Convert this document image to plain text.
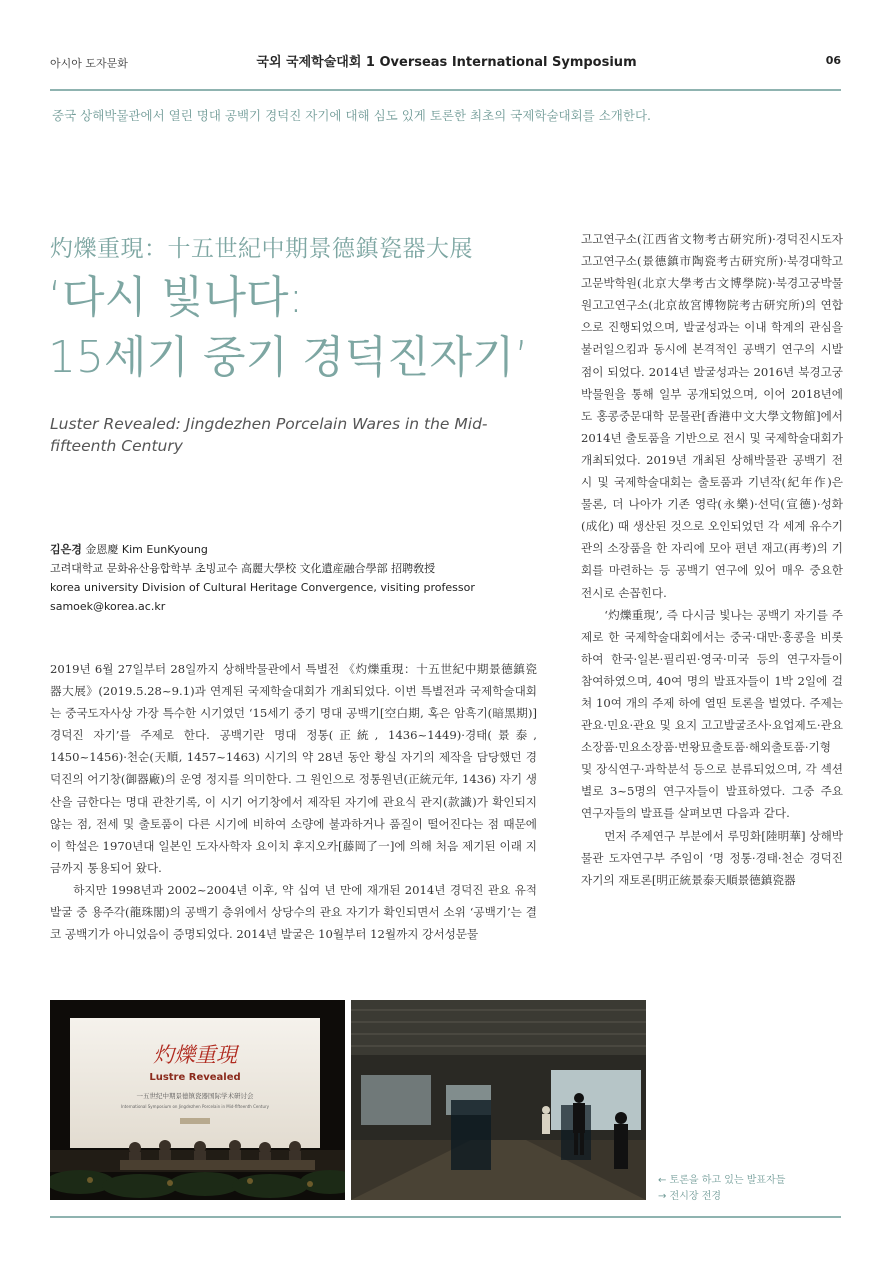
아시아 도자문화	국외 국제학술대회 1 Overseas International Symposium	06
중국 상해박물관에서 열린 명대 공백기 경덕진 자기에 대해 심도 있게 토론한 최초의 국제학술대회를 소개한다.
灼爍重現：十五世紀中期景德鎮瓷器大展
‘다시 빛나다:
15세기 중기 경덕진자기’
Luster Revealed: Jingdezhen Porcelain Wares in the Mid-fifteenth Century
김은경 金恩慶 Kim EunKyoung
고려대학교 문화유산융합학부 초빙교수 高麗大學校 文化遺産融合學部 招聘敎授
korea university Division of Cultural Heritage Convergence, visiting professor
samoek@korea.ac.kr

고고연구소(江西省文物考古研究所)·경덕진시도자고고연구소(景德鎮市陶瓷考古研究所)·북경대학고고문박학원(北京大學考古文博學院)·북경고궁박물원고고연구소(北京故宮博物院考古研究所)의 연합으로 진행되었으며, 발굴성과는 이내 학계의 관심을 불러일으킴과 동시에 본격적인 공백기 연구의 시발점이 되었다. 2014년 발굴성과는 2016년 북경고궁박물원을 통해 일부 공개되었으며, 이어 2018년에도 홍콩중문대학 문물관[香港中文大學文物館]에서 2014년 출토품을 기반으로 전시 및 국제학술대회가 개최되었다. 2019년 개최된 상해박물관 공백기 전시 및 국제학술대회는 출토품과 기년작(紀年作)은 물론, 더 나아가 기존 영락(永樂)·선덕(宣德)·성화(成化) 때 생산된 것으로 오인되었던 각 세계 유수기관의 소장품을 한 자리에 모아 편년 재고(再考)의 기회를 마련하는 등 공백기 연구에 있어 매우 중요한 전시로 손꼽힌다.

‘灼爍重現’, 즉 다시금 빛나는 공백기 자기를 주제로 한 국제학술대회에서는 중국·대만·홍콩을 비롯하여 한국·일본·필리핀·영국·미국 등의 연구자들이 참여하였으며, 40여 명의 발표자들이 1박 2일에 걸쳐 10여 개의 주제 하에 열띤 토론을 벌였다. 주제는 관요·민요·관요 및 요지 고고발굴조사·요업제도·관요소장품·민요소장품·번왕묘출토품·해외출토품·기형 및 장식연구·과학분석 등으로 분류되었으며, 각 섹션별로 3~5명의 연구자들이 발표하였다. 그중 주요 연구자들의 발표를 살펴보면 다음과 같다.

먼저 주제연구 부분에서 루밍화[陸明華] 상해박물관 도자연구부 주임이 ‘명 정통·경태·천순 경덕진 자기의 재토론[明正統景泰天順景德鎮瓷器

2019년 6월 27일부터 28일까지 상해박물관에서 특별전 《灼爍重現：十五世紀中期景德鎮瓷器大展》(2019.5.28~9.1)과 연계된 국제학술대회가 개최되었다. 이번 특별전과 국제학술대회는 중국도자사상 가장 특수한 시기였던 ‘15세기 중기 명대 공백기[空白期, 혹은 암흑기(暗黑期)] 경덕진 자기’를 주제로 한다. 공백기란 명대 정통(正統, 1436~1449)·경태(景泰, 1450~1456)·천순(天順, 1457~1463) 시기의 약 28년 동안 황실 자기의 제작을 담당했던 경덕진의 어기창(御器廠)의 운영 정지를 의미한다. 그 원인으로 정통원년(正統元年, 1436) 자기 생산을 금한다는 명대 관찬기록, 이 시기 어기창에서 제작된 자기에 관요식 관지(款識)가 확인되지 않는 점, 전세 및 출토품이 다른 시기에 비하여 소량에 불과하거나 품질이 떨어진다는 점 때문에 이 학설은 1970년대 일본인 도자사학자 요이치 후지오카[藤岡了一]에 의해 처음 제기된 이래 지금까지 통용되어 왔다.

하지만 1998년과 2002~2004년 이후, 약 십여 년 만에 재개된 2014년 경덕진 관요 유적 발굴 중 용주각(龍珠閣)의 공백기 층위에서 상당수의 관요 자기가 확인되면서 소위 ‘공백기’는 결코 공백기가 아니었음이 증명되었다. 2014년 발굴은 10월부터 12월까지 강서성문물

灼爍重現
Lustre Revealed
一五世纪中期景德镇瓷器国际学术研讨会
International Symposium on Jingdezhen Porcelain in Mid-fifteenth Century
← 토론을 하고 있는 발표자들
→ 전시장 전경
